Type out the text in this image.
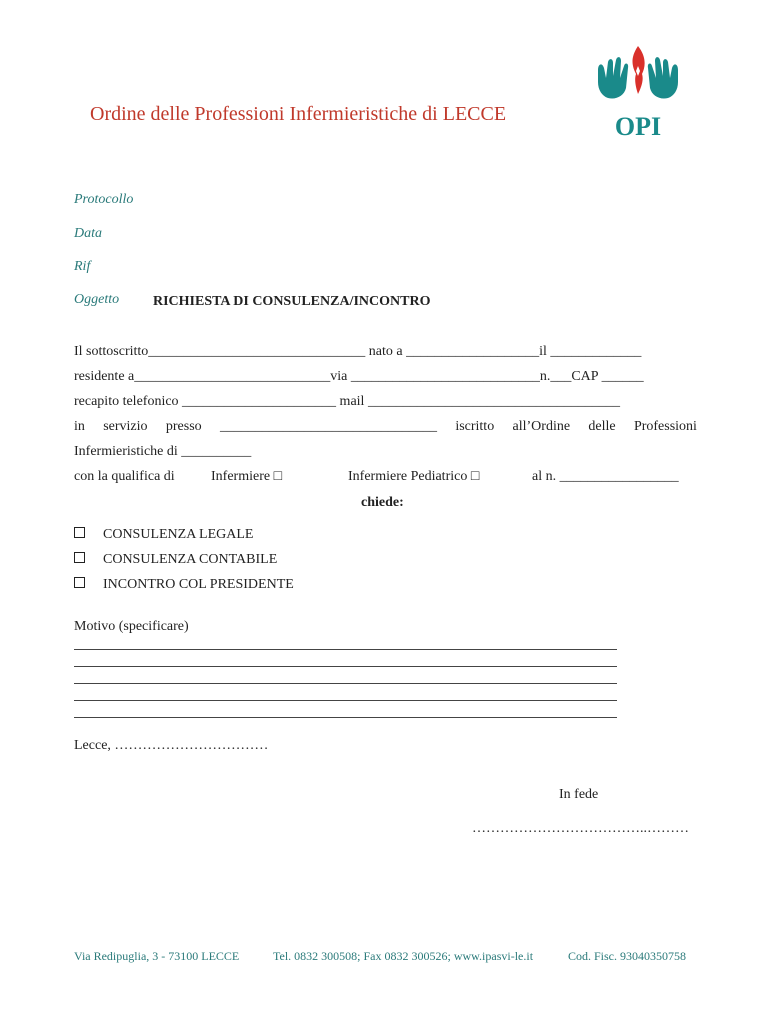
Ordine delle Professioni Infermieristiche di LECCE	OPI
Protocollo
Data
Rif
Oggetto RICHIESTA DI CONSULENZA/INCONTRO
Il sottoscritto_______________________________ nato a ___________________il _____________
residente a____________________________via ___________________________n.___CAP ______
recapito telefonico ______________________ mail ____________________________________
in servizio presso _______________________________ iscritto all’Ordine delle Professioni
Infermieristiche di __________
con la qualifica di	Infermiere □	Infermiere Pediatrico □	al n. _________________
chiede:
CONSULENZA LEGALE
CONSULENZA CONTABILE
INCONTRO COL PRESIDENTE
Motivo (specificare)
Lecce, ……………………………
In fede
………………………………..………
Via Redipuglia, 3 - 73100 LECCE	Tel. 0832 300508; Fax 0832 300526; www.ipasvi-le.it	Cod. Fisc. 93040350758
